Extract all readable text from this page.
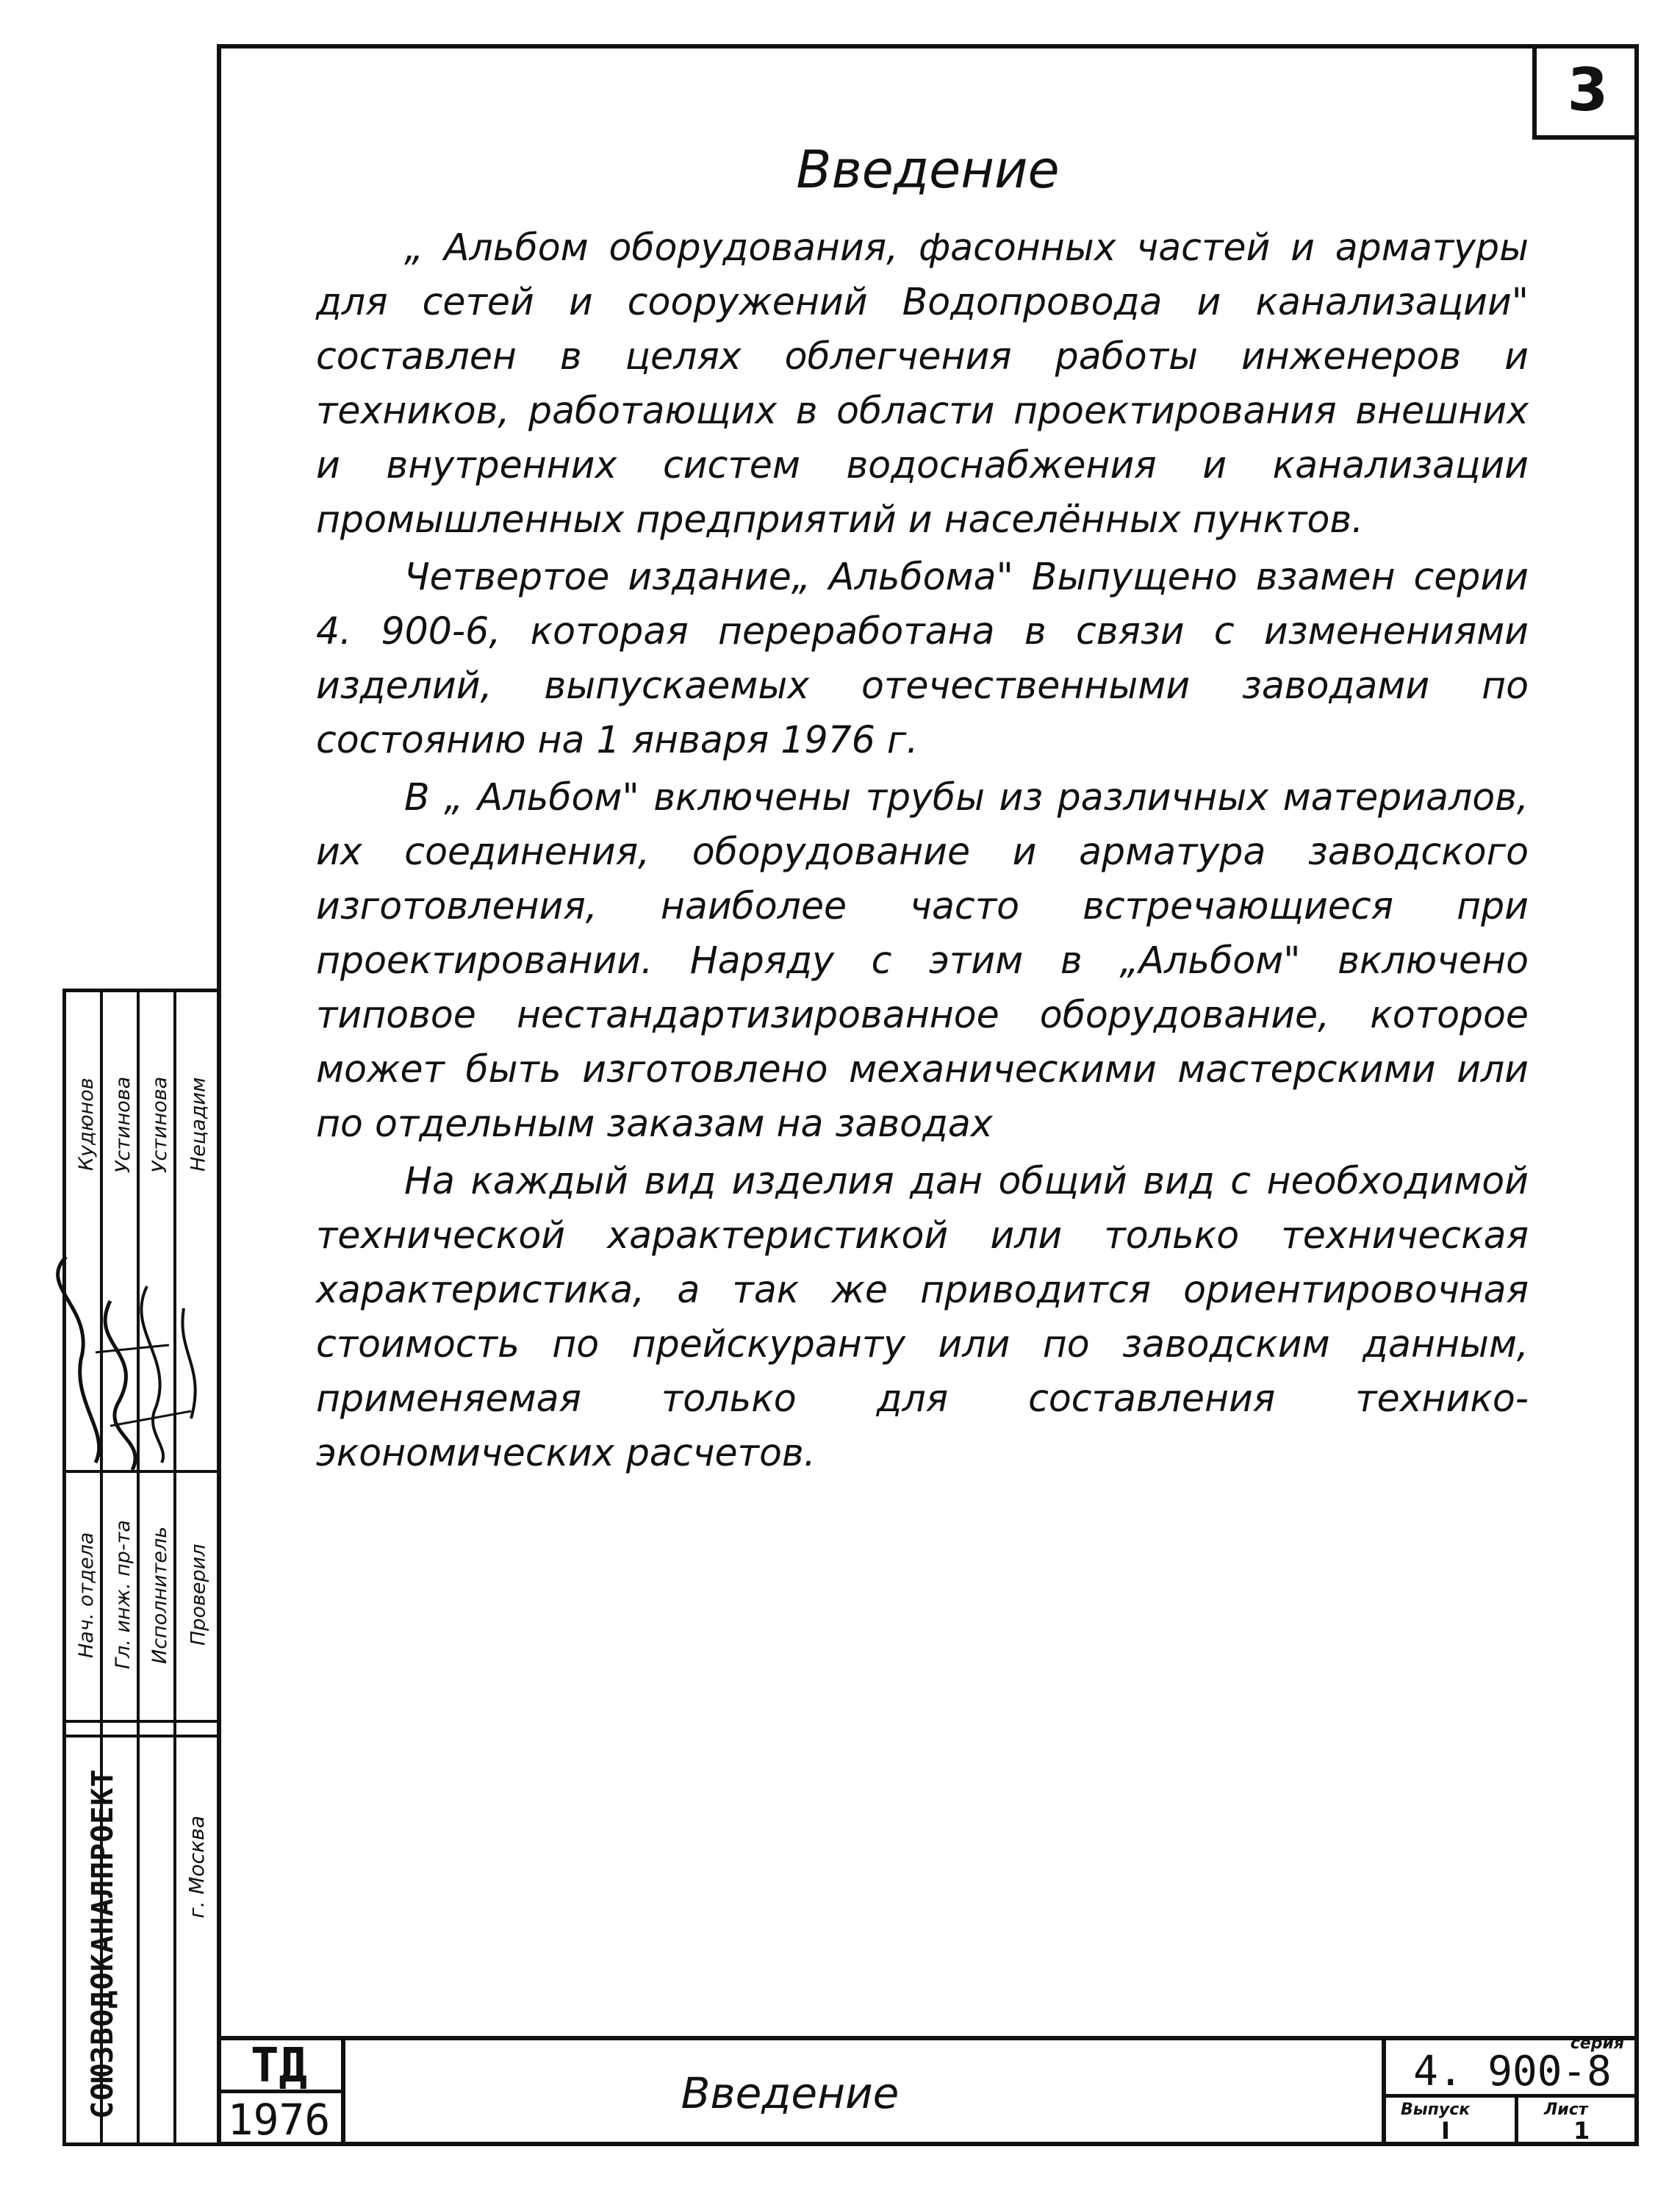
3
Введение

„ Альбом оборудования, фасонных частей и арматуры для сетей и сооружений Водопровода и канализации" составлен в целях облегчения работы инженеров и техников, работающих в области проектирования внешних и внутренних систем водоснабжения и канализации промышленных предприятий и населённых пунктов.

Четвертое издание„ Альбома" Выпущено взамен серии 4. 900-6, которая переработана в связи с изменениями изделий, выпускаемых отечественными заводами по состоянию на 1 января 1976 г.

В „ Альбом" включены трубы из различных материалов, их соединения, оборудование и арматура заводского изготовления, наиболее часто встречающиеся при проектировании. Наряду с этим в „Альбом" включено типовое нестандартизированное оборудование, которое может быть изготовлено механическими мастерскими или по отдельным заказам на заводах

На каждый вид изделия дан общий вид с необходимой технической характеристикой или только техническая характеристика, а так же приводится ориентировочная стоимость по прейскуранту или по заводским данным, применяемая только для составления технико-экономических расчетов.

Кудюнов Устинова Устинова Нецадим
Нач. отдела Гл. инж. пр-та Исполнитель Проверил
СОЮЗВОДОКАНАЛПРОЕКТ	г. Москва
ТД
1976
Введение
серия
4. 900-8
Выпуск
I
Лист
1
